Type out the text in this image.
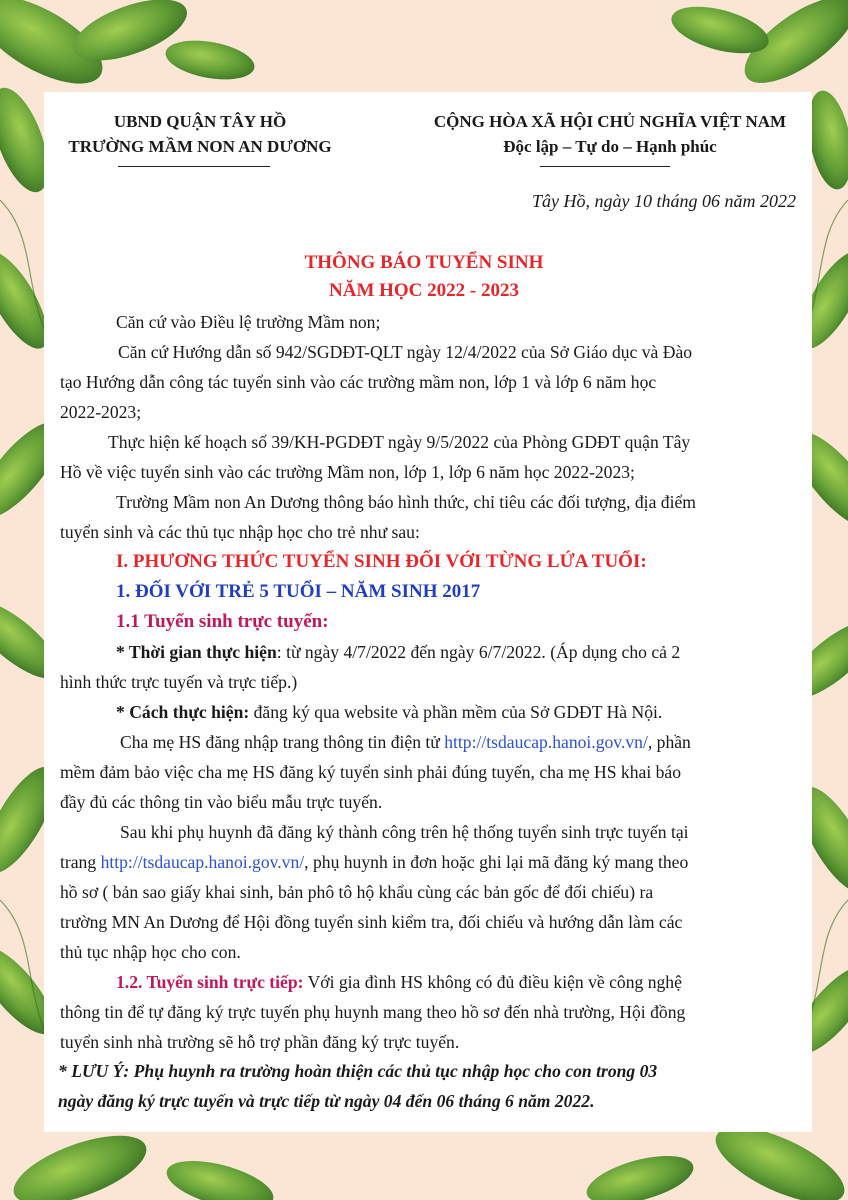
UBND QUẬN TÂY HỒ
TRƯỜNG MẦM NON AN DƯƠNG
CỘNG HÒA XÃ HỘI CHỦ NGHĨA VIỆT NAM
Độc lập – Tự do – Hạnh phúc
Tây Hồ, ngày 10 tháng 06 năm 2022
THÔNG BÁO TUYỂN SINH
NĂM HỌC 2022 - 2023
Căn cứ vào Điều lệ trường Mầm non;
Căn cứ Hướng dẫn số 942/SGDĐT-QLT ngày 12/4/2022 của Sở Giáo dục và Đào
tạo Hướng dẫn công tác tuyển sinh vào các trường mầm non, lớp 1 và lớp 6 năm học
2022-2023;
Thực hiện kế hoạch số 39/KH-PGDĐT ngày 9/5/2022 của Phòng GDĐT quận Tây
Hồ về việc tuyển sinh vào các trường Mầm non, lớp 1, lớp 6 năm học 2022-2023;
Trường Mầm non An Dương thông báo hình thức, chỉ tiêu các đối tượng, địa điểm
tuyển sinh và các thủ tục nhập học cho trẻ như sau:
I. PHƯƠNG THỨC TUYỂN SINH ĐỐI VỚI TỪNG LỨA TUỔI:
1. ĐỐI VỚI TRẺ 5 TUỔI – NĂM SINH 2017
1.1 Tuyển sinh trực tuyến:
* Thời gian thực hiện: từ ngày 4/7/2022 đến ngày 6/7/2022. (Áp dụng cho cả 2
hình thức trực tuyến và trực tiếp.)
* Cách thực hiện: đăng ký qua website và phần mềm của Sở GDĐT Hà Nội.
Cha mẹ HS đăng nhập trang thông tin điện tử http://tsdaucap.hanoi.gov.vn/, phần
mềm đảm bảo việc cha mẹ HS đăng ký tuyển sinh phải đúng tuyến, cha mẹ HS khai báo
đầy đủ các thông tin vào biểu mẫu trực tuyến.
Sau khi phụ huynh đã đăng ký thành công trên hệ thống tuyển sinh trực tuyến tại
trang http://tsdaucap.hanoi.gov.vn/, phụ huynh in đơn hoặc ghi lại mã đăng ký mang theo
hồ sơ ( bản sao giấy khai sinh, bản phô tô hộ khẩu cùng các bản gốc để đối chiếu) ra
trường MN An Dương để Hội đồng tuyển sinh kiểm tra, đối chiếu và hướng dẫn làm các
thủ tục nhập học cho con.
1.2. Tuyển sinh trực tiếp: Với gia đình HS không có đủ điều kiện về công nghệ
thông tin để tự đăng ký trực tuyến phụ huynh mang theo hồ sơ đến nhà trường, Hội đồng
tuyển sinh nhà trường sẽ hỗ trợ phần đăng ký trực tuyến.
* LƯU Ý: Phụ huynh ra trường hoàn thiện các thủ tục nhập học cho con trong 03
ngày đăng ký trực tuyến và trực tiếp từ ngày 04 đến 06 tháng 6 năm 2022.
